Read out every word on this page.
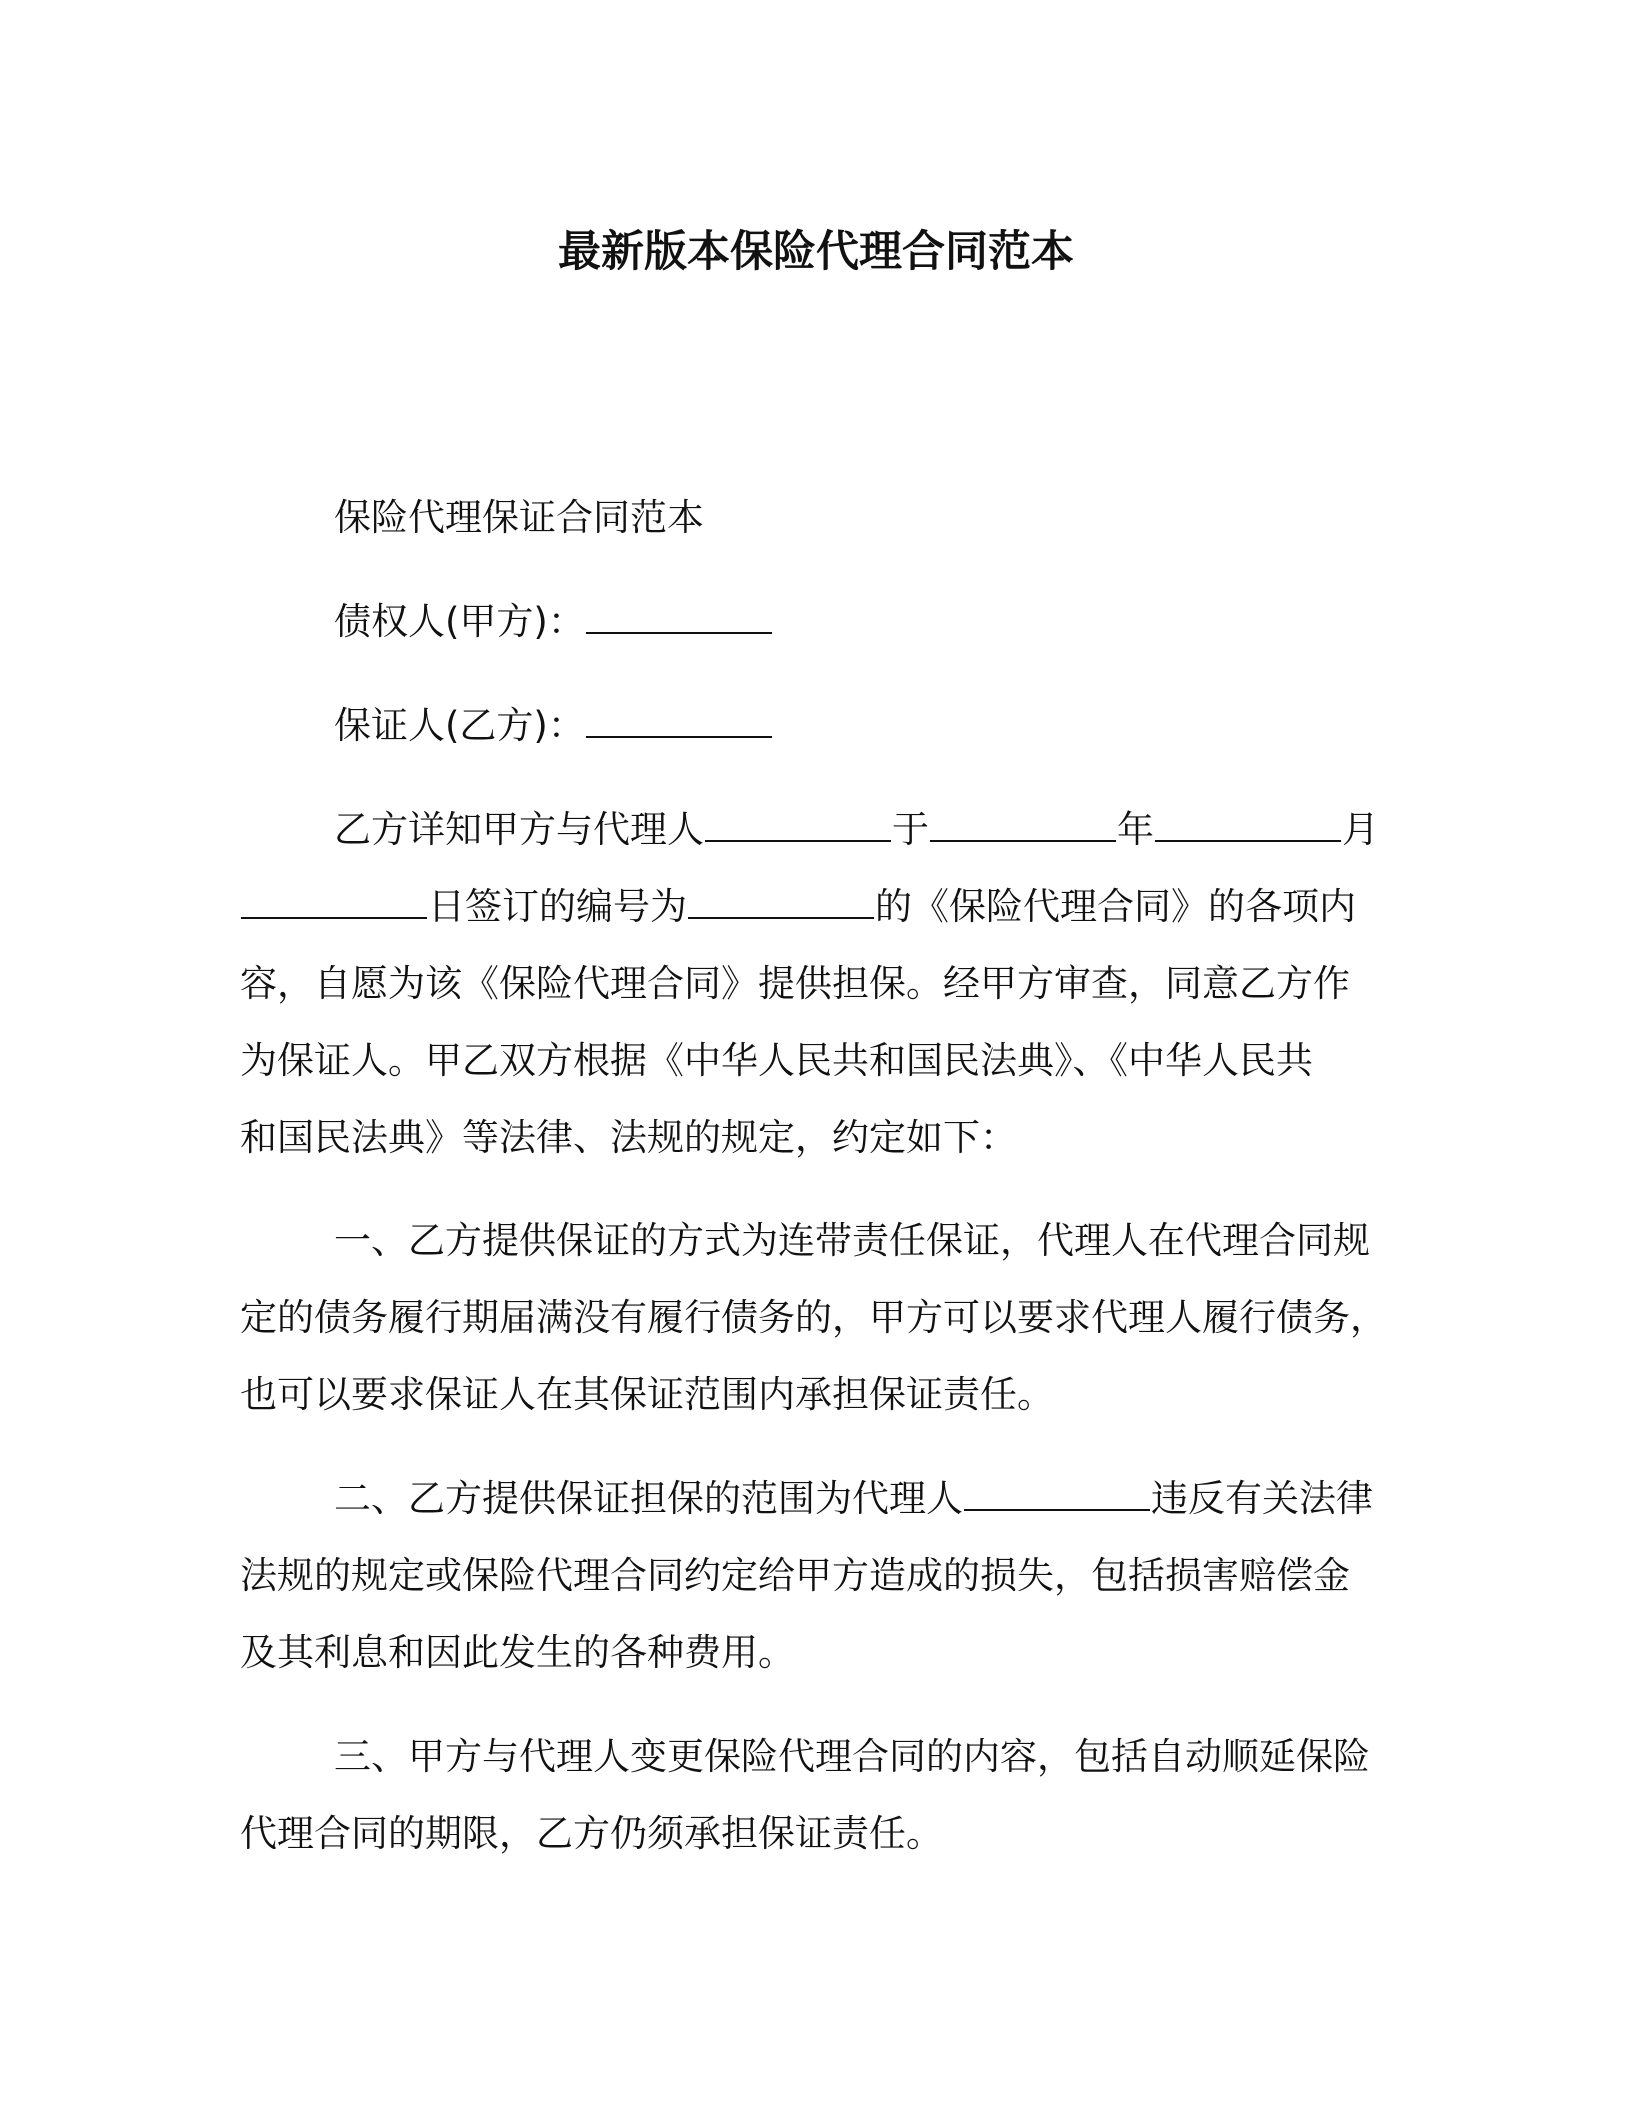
最新版本保险代理合同范本

保险代理保证合同范本

债权人(甲方)：

保证人(乙方)：

乙方详知甲方与代理人	于	年	月

日签订的编号为	的《保险代理合同》的各项内

容，自愿为该《保险代理合同》提供担保。经甲方审查，同意乙方作

为保证人。甲乙双方根据《中华人民共和国民法典》、《中华人民共

和国民法典》等法律、法规的规定，约定如下：

一、乙方提供保证的方式为连带责任保证，代理人在代理合同规

定的债务履行期届满没有履行债务的，甲方可以要求代理人履行债务，

也可以要求保证人在其保证范围内承担保证责任。

二、乙方提供保证担保的范围为代理人	违反有关法律

法规的规定或保险代理合同约定给甲方造成的损失，包括损害赔偿金

及其利息和因此发生的各种费用。

三、甲方与代理人变更保险代理合同的内容，包括自动顺延保险

代理合同的期限，乙方仍须承担保证责任。
